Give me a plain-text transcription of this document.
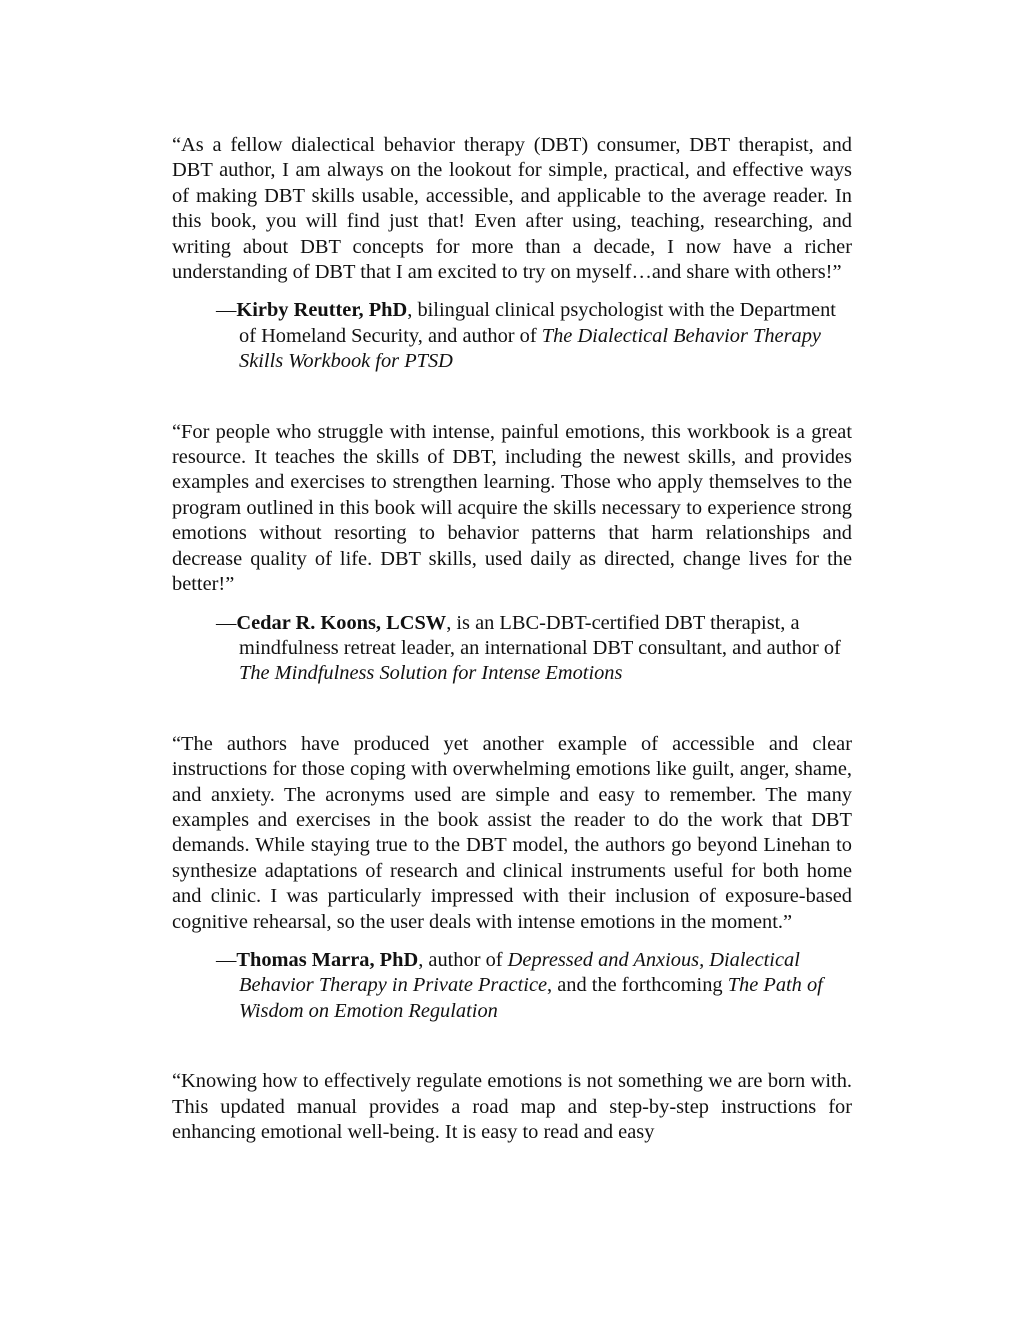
“As a fellow dialectical behavior therapy (DBT) consumer, DBT therapist, and DBT author, I am always on the lookout for simple, practical, and effective ways of making DBT skills usable, accessible, and applicable to the average reader. In this book, you will find just that! Even after using, teaching, researching, and writing about DBT concepts for more than a decade, I now have a richer understanding of DBT that I am excited to try on myself…and share with others!”

—Kirby Reutter, PhD, bilingual clinical psychologist with the Department of Homeland Security, and author of The Dialectical Behavior Therapy Skills Workbook for PTSD

“For people who struggle with intense, painful emotions, this workbook is a great resource. It teaches the skills of DBT, including the newest skills, and provides examples and exercises to strengthen learning. Those who apply themselves to the program outlined in this book will acquire the skills necessary to experience strong emotions without resorting to behavior patterns that harm relationships and decrease quality of life. DBT skills, used daily as directed, change lives for the better!”

—Cedar R. Koons, LCSW, is an LBC-DBT-certified DBT therapist, a mindfulness retreat leader, an international DBT consultant, and author of The Mindfulness Solution for Intense Emotions

“The authors have produced yet another example of accessible and clear instructions for those coping with overwhelming emotions like guilt, anger, shame, and anxiety. The acronyms used are simple and easy to remember. The many examples and exercises in the book assist the reader to do the work that DBT demands. While staying true to the DBT model, the authors go beyond Linehan to synthesize adaptations of research and clinical instruments useful for both home and clinic. I was particularly impressed with their inclusion of exposure-based cognitive rehearsal, so the user deals with intense emotions in the moment.”

—Thomas Marra, PhD, author of Depressed and Anxious, Dialectical Behavior Therapy in Private Practice, and the forthcoming The Path of Wisdom on Emotion Regulation

“Knowing how to effectively regulate emotions is not something we are born with. This updated manual provides a road map and step-by-step instructions for enhancing emotional well-being. It is easy to read and easy
